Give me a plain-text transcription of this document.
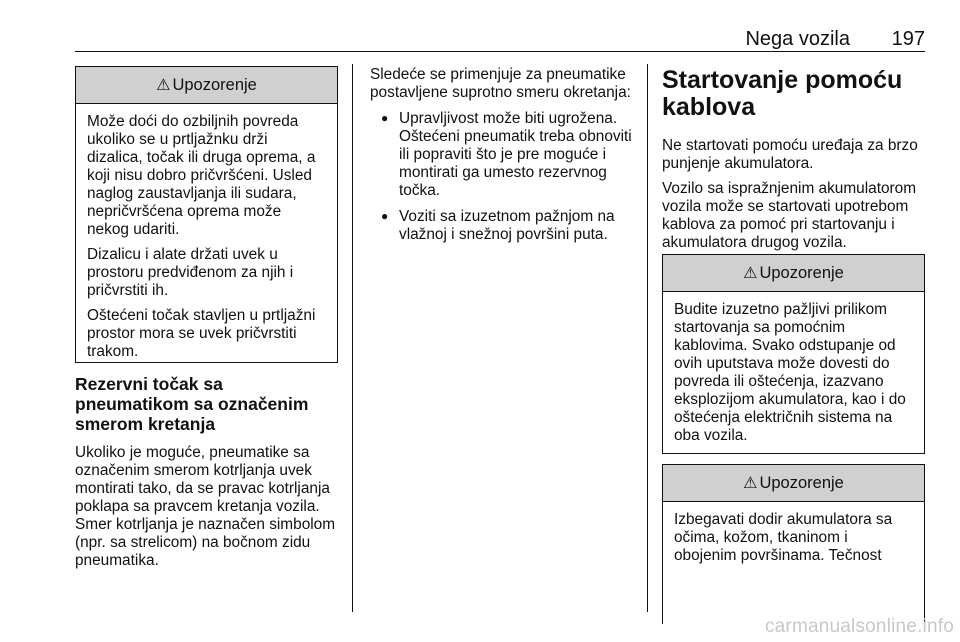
Nega vozila 197
⚠ Upozorenje

Može doći do ozbiljnih povreda ukoliko se u prtljažnku drži dizalica, točak ili druga oprema, a koji nisu dobro pričvršćeni. Usled naglog zaustavljanja ili sudara, nepričvršćena oprema može nekog udariti.

Dizalicu i alate držati uvek u prostoru predviđenom za njih i pričvrstiti ih.

Oštećeni točak stavljen u prtljažni prostor mora se uvek pričvrstiti trakom.

Rezervni točak sa pneumatikom sa označenim smerom kretanja

Ukoliko je moguće, pneumatike sa označenim smerom kotrljanja uvek montirati tako, da se pravac kotrljanja poklapa sa pravcem kretanja vozila. Smer kotrljanja je naznačen simbolom (npr. sa strelicom) na bočnom zidu pneumatika.

Sledeće se primenjuje za pneumatike postavljene suprotno smeru okretanja:

● Upravljivost može biti ugrožena. Oštećeni pneumatik treba obnoviti ili popraviti što je pre moguće i montirati ga umesto rezervnog točka.
● Voziti sa izuzetnom pažnjom na vlažnoj i snežnoj površini puta.
Startovanje pomoću kablova

Ne startovati pomoću uređaja za brzo punjenje akumulatora.

Vozilo sa ispražnjenim akumulatorom vozila može se startovati upotrebom kablova za pomoć pri startovanju i akumulatora drugog vozila.

⚠ Upozorenje

Budite izuzetno pažljivi prilikom startovanja sa pomoćnim kablovima. Svako odstupanje od ovih uputstava može dovesti do povreda ili oštećenja, izazvano eksplozijom akumulatora, kao i do oštećenja električnih sistema na oba vozila.

⚠ Upozorenje

Izbegavati dodir akumulatora sa očima, kožom, tkaninom i obojenim površinama. Tečnost

carmanualsonline.info
